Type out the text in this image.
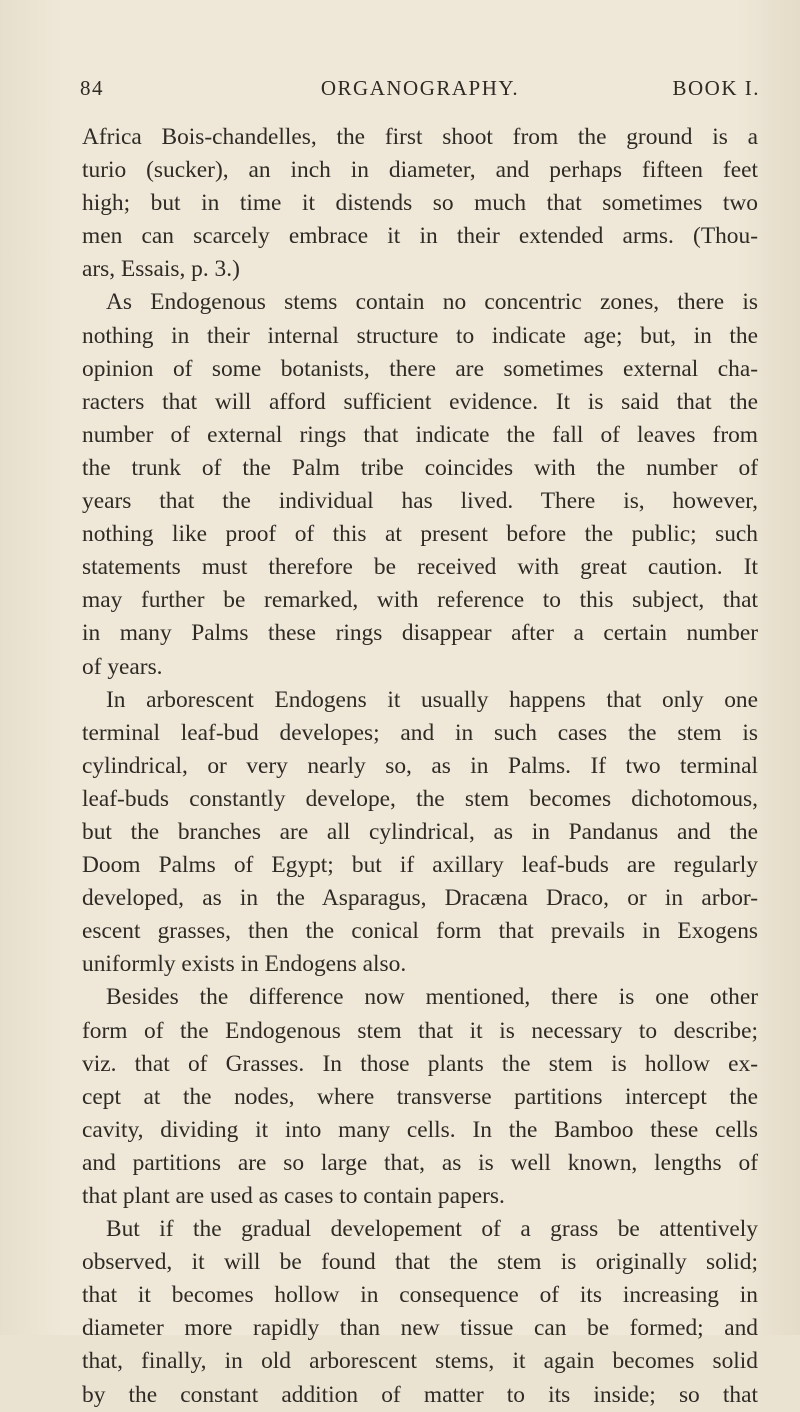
84	ORGANOGRAPHY.	BOOK I.
Africa Bois-chandelles, the first shoot from the ground is a
turio (sucker), an inch in diameter, and perhaps fifteen feet
high; but in time it distends so much that sometimes two
men can scarcely embrace it in their extended arms. (Thou-
ars, Essais, p. 3.)
As Endogenous stems contain no concentric zones, there is
nothing in their internal structure to indicate age; but, in the
opinion of some botanists, there are sometimes external cha-
racters that will afford sufficient evidence. It is said that the
number of external rings that indicate the fall of leaves from
the trunk of the Palm tribe coincides with the number of
years that the individual has lived. There is, however,
nothing like proof of this at present before the public; such
statements must therefore be received with great caution. It
may further be remarked, with reference to this subject, that
in many Palms these rings disappear after a certain number
of years.
In arborescent Endogens it usually happens that only one
terminal leaf-bud developes; and in such cases the stem is
cylindrical, or very nearly so, as in Palms. If two terminal
leaf-buds constantly develope, the stem becomes dichotomous,
but the branches are all cylindrical, as in Pandanus and the
Doom Palms of Egypt; but if axillary leaf-buds are regularly
developed, as in the Asparagus, Dracæna Draco, or in arbor-
escent grasses, then the conical form that prevails in Exogens
uniformly exists in Endogens also.
Besides the difference now mentioned, there is one other
form of the Endogenous stem that it is necessary to describe;
viz. that of Grasses. In those plants the stem is hollow ex-
cept at the nodes, where transverse partitions intercept the
cavity, dividing it into many cells. In the Bamboo these cells
and partitions are so large that, as is well known, lengths of
that plant are used as cases to contain papers.
But if the gradual developement of a grass be attentively
observed, it will be found that the stem is originally solid;
that it becomes hollow in consequence of its increasing in
diameter more rapidly than new tissue can be formed; and
that, finally, in old arborescent stems, it again becomes solid
by the constant addition of matter to its inside; so that
